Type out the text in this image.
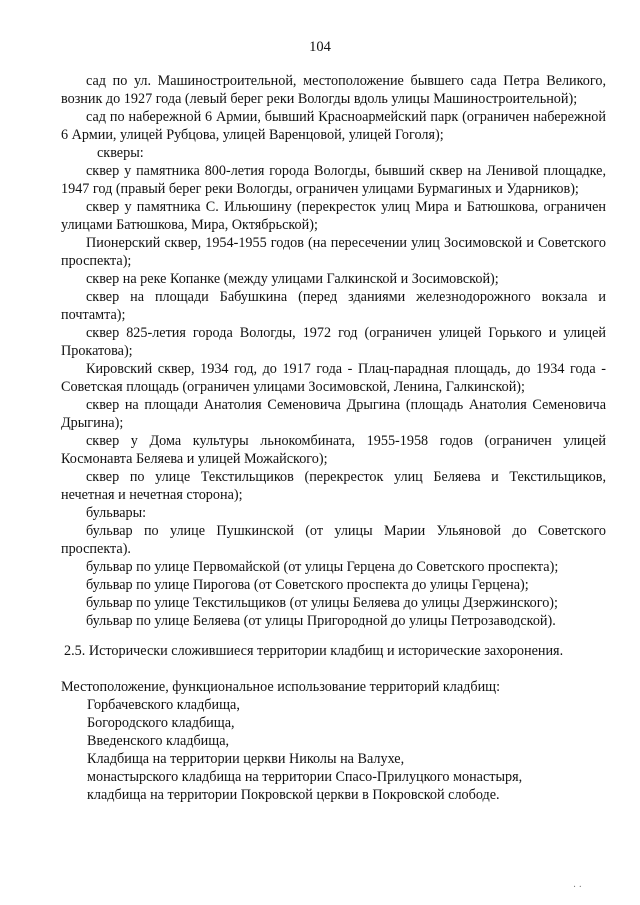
104

сад по ул. Машиностроительной, местоположение бывшего сада Петра Великого, возник до 1927 года (левый берег реки Вологды вдоль улицы Машиностроительной);

сад по набережной 6 Армии, бывший Красноармейский парк (ограничен набережной 6 Армии, улицей Рубцова, улицей Варенцовой, улицей Гоголя);

скверы:

сквер у памятника 800-летия города Вологды, бывший сквер на Ленивой площадке, 1947 год (правый берег реки Вологды, ограничен улицами Бурмагиных и Ударников);

сквер у памятника С. Ильюшину (перекресток улиц Мира и Батюшкова, ограничен улицами Батюшкова, Мира, Октябрьской);

Пионерский сквер, 1954-1955 годов (на пересечении улиц Зосимовской и Советского проспекта);

сквер на реке Копанке (между улицами Галкинской и Зосимовской);

сквер на площади Бабушкина (перед зданиями железнодорожного вокзала и почтамта);

сквер 825-летия города Вологды, 1972 год (ограничен улицей Горького и улицей Прокатова);

Кировский сквер, 1934 год, до 1917 года - Плац-парадная площадь, до 1934 года - Советская площадь (ограничен улицами Зосимовской, Ленина, Галкинской);

сквер на площади Анатолия Семеновича Дрыгина (площадь Анатолия Семеновича Дрыгина);

сквер у Дома культуры льнокомбината, 1955-1958 годов (ограничен улицей Космонавта Беляева и улицей Можайского);

сквер по улице Текстильщиков (перекресток улиц Беляева и Текстильщиков, нечетная и нечетная сторона);

бульвары:

бульвар по улице Пушкинской (от улицы Марии Ульяновой до Советского проспекта).

бульвар по улице Первомайской (от улицы Герцена до Советского проспекта);

бульвар по улице Пирогова (от Советского проспекта до улицы Герцена);

бульвар по улице Текстильщиков (от улицы Беляева до улицы Дзержинского);

бульвар по улице Беляева (от улицы Пригородной до улицы Петрозаводской).

2.5. Исторически сложившиеся территории кладбищ и исторические захоронения.

Местоположение, функциональное использование территорий кладбищ:

Горбачевского кладбища,

Богородского кладбища,

Введенского кладбища,

Кладбища на территории церкви Николы на Валухе,

монастырского кладбища на территории Спасо-Прилуцкого монастыря,

кладбища на территории Покровской церкви в Покровской слободе.

· ·
